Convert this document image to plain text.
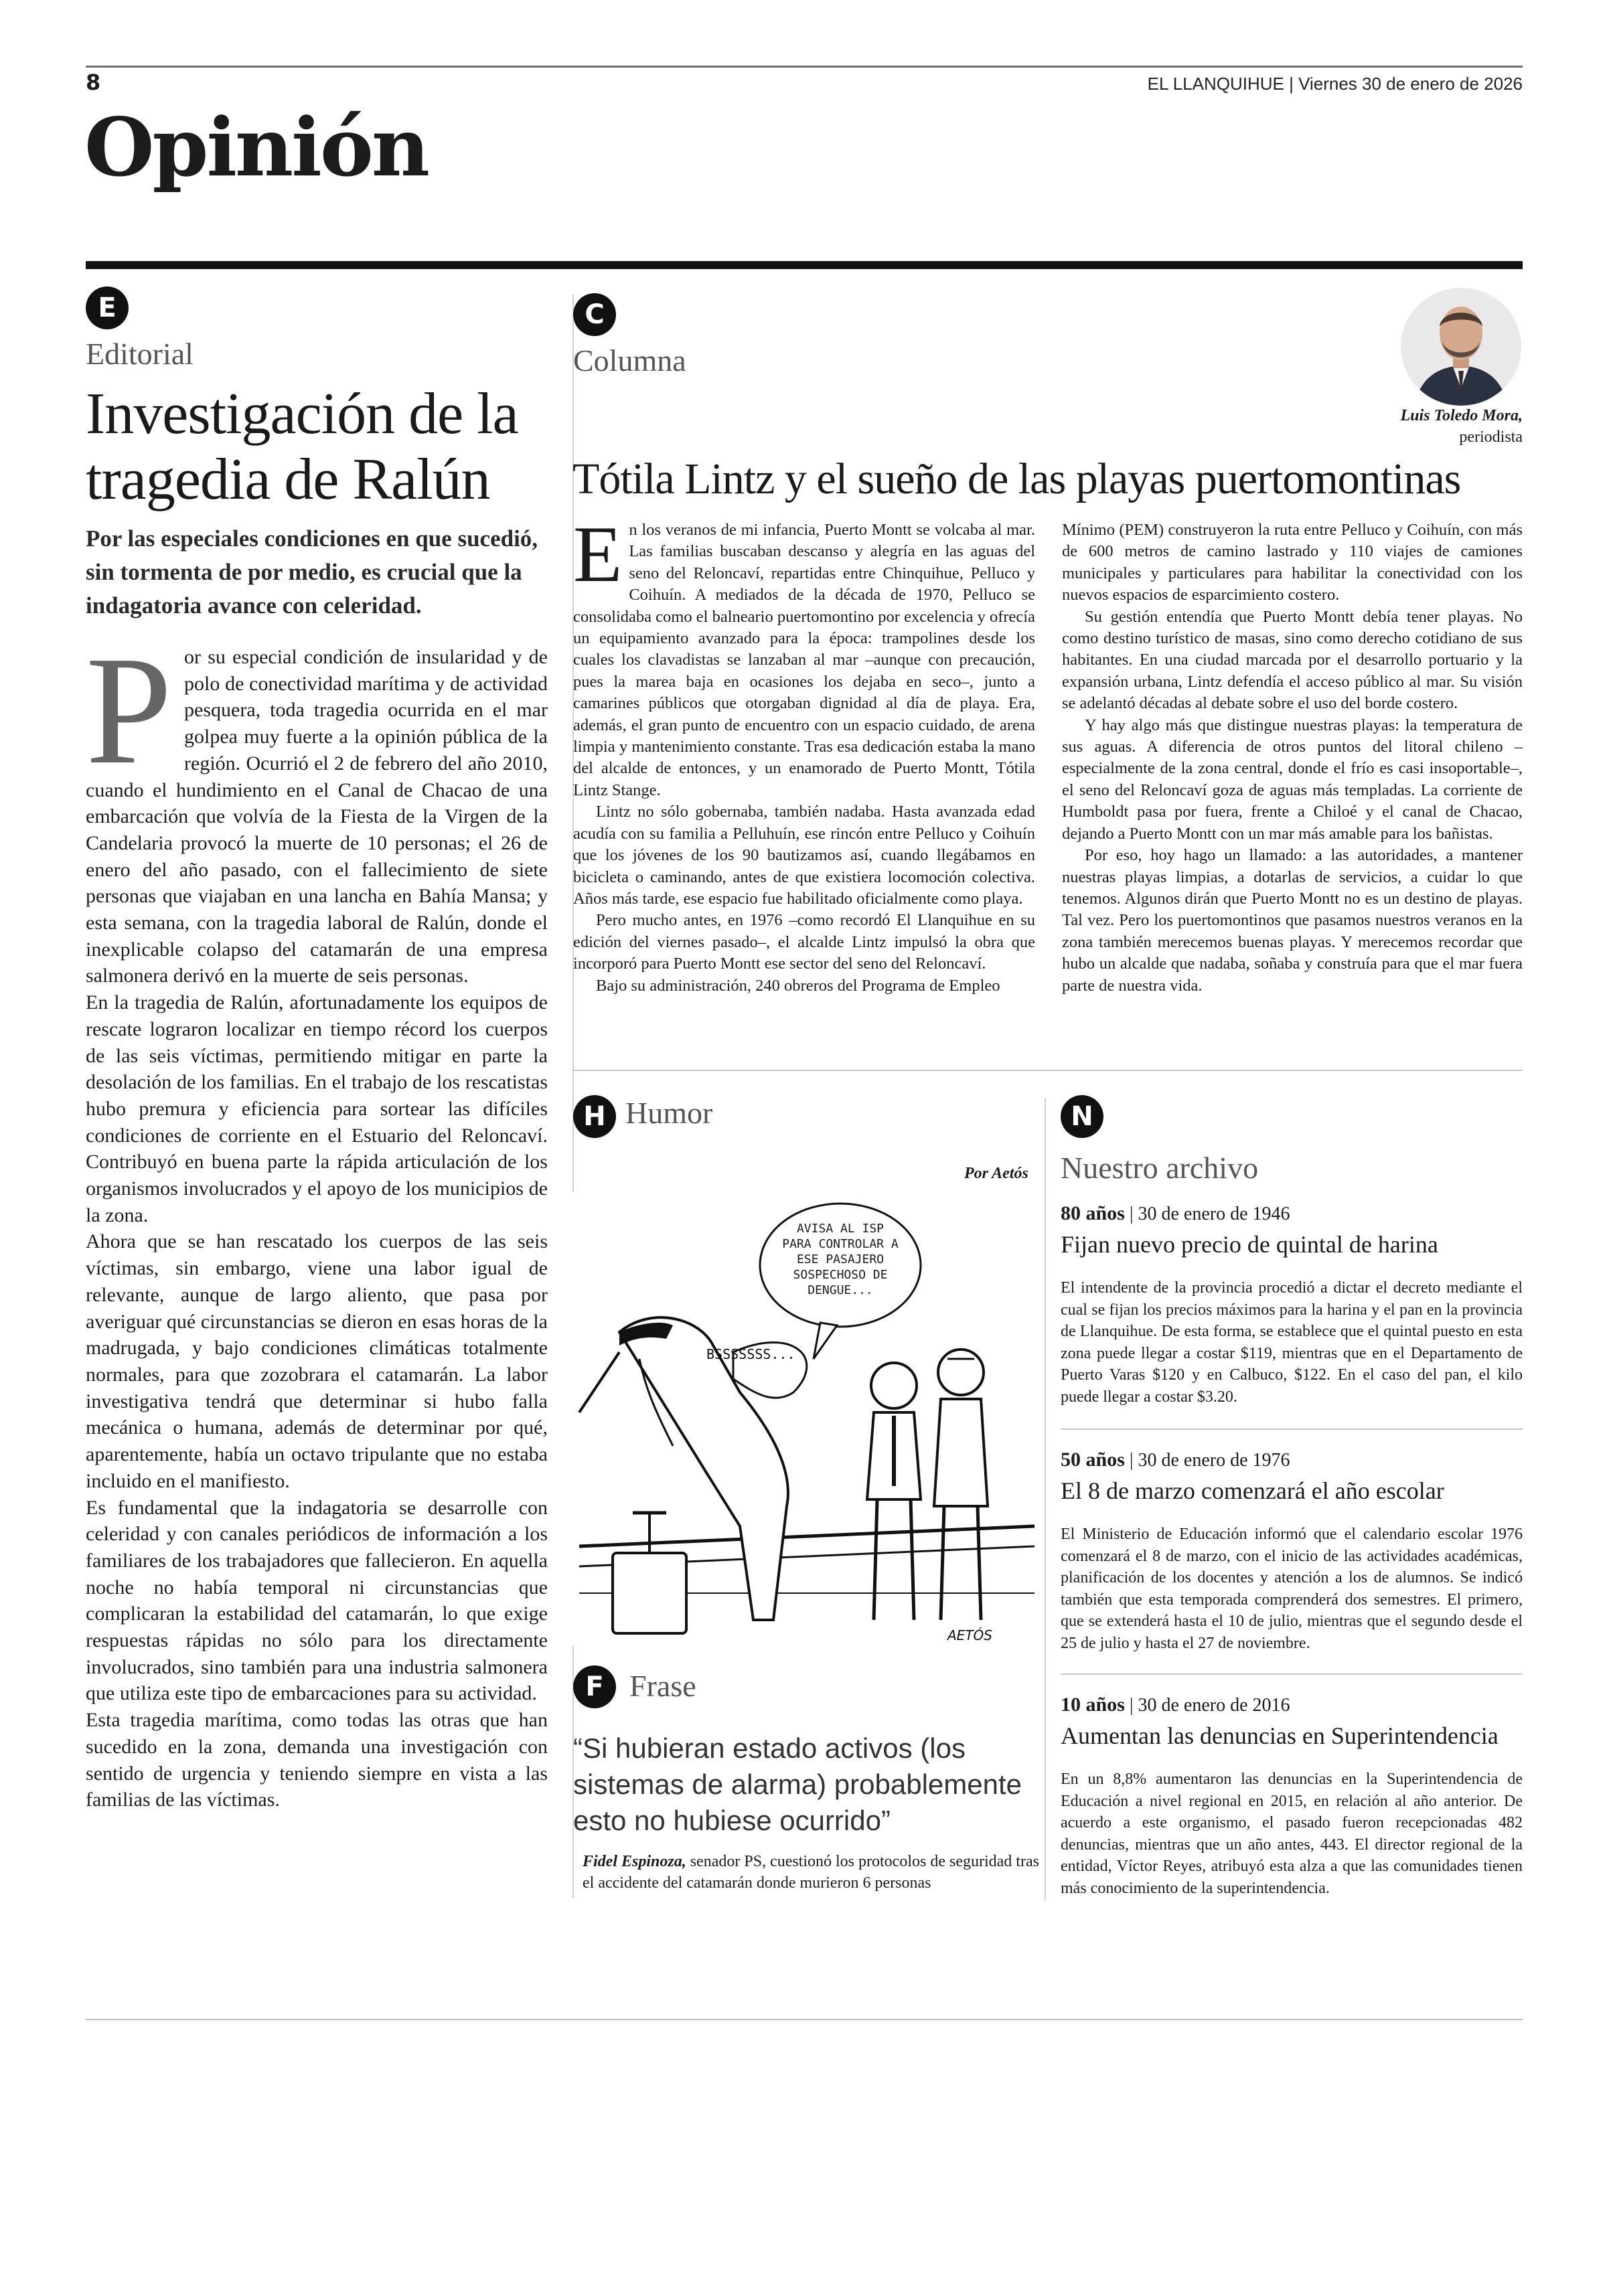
8	EL LLANQUIHUE | Viernes 30 de enero de 2026
Opinión
E
Editorial
Investigación de la tragedia de Ralún
Por las especiales condiciones en que sucedió, sin tormenta de por medio, es crucial que la indagatoria avance con celeridad.

Por su especial condición de insularidad y de polo de conectividad marítima y de actividad pesquera, toda tragedia ocurrida en el mar golpea muy fuerte a la opinión pública de la región. Ocurrió el 2 de febrero del año 2010, cuando el hundimiento en el Canal de Chacao de una embarcación que volvía de la Fiesta de la Virgen de la Candelaria provocó la muerte de 10 personas; el 26 de enero del año pasado, con el fallecimiento de siete personas que viajaban en una lancha en Bahía Mansa; y esta semana, con la tragedia laboral de Ralún, donde el inexplicable colapso del catamarán de una empresa salmonera derivó en la muerte de seis personas.

En la tragedia de Ralún, afortunadamente los equipos de rescate lograron localizar en tiempo récord los cuerpos de las seis víctimas, permitiendo mitigar en parte la desolación de los familias. En el trabajo de los rescatistas hubo premura y eficiencia para sortear las difíciles condiciones de corriente en el Estuario del Reloncaví. Contribuyó en buena parte la rápida articulación de los organismos involucrados y el apoyo de los municipios de la zona.

Ahora que se han rescatado los cuerpos de las seis víctimas, sin embargo, viene una labor igual de relevante, aunque de largo aliento, que pasa por averiguar qué circunstancias se dieron en esas horas de la madrugada, y bajo condiciones climáticas totalmente normales, para que zozobrara el catamarán. La labor investigativa tendrá que determinar si hubo falla mecánica o humana, además de determinar por qué, aparentemente, había un octavo tripulante que no estaba incluido en el manifiesto.

Es fundamental que la indagatoria se desarrolle con celeridad y con canales periódicos de información a los familiares de los trabajadores que fallecieron. En aquella noche no había temporal ni circunstancias que complicaran la estabilidad del catamarán, lo que exige respuestas rápidas no sólo para los directamente involucrados, sino también para una industria salmonera que utiliza este tipo de embarcaciones para su actividad.

Esta tragedia marítima, como todas las otras que han sucedido en la zona, demanda una investigación con sentido de urgencia y teniendo siempre en vista a las familias de las víctimas.

C
Columna
Luis Toledo Mora,
periodista
Tótila Lintz y el sueño de las playas puertomontinas

En los veranos de mi infancia, Puerto Montt se volcaba al mar. Las familias buscaban descanso y alegría en las aguas del seno del Reloncaví, repartidas entre Chinquihue, Pelluco y Coihuín. A mediados de la década de 1970, Pelluco se consolidaba como el balneario puertomontino por excelencia y ofrecía un equipamiento avanzado para la época: trampolines desde los cuales los clavadistas se lanzaban al mar –aunque con precaución, pues la marea baja en ocasiones los dejaba en seco–, junto a camarines públicos que otorgaban dignidad al día de playa. Era, además, el gran punto de encuentro con un espacio cuidado, de arena limpia y mantenimiento constante. Tras esa dedicación estaba la mano del alcalde de entonces, y un enamorado de Puerto Montt, Tótila Lintz Stange.

Lintz no sólo gobernaba, también nadaba. Hasta avanzada edad acudía con su familia a Pelluhuín, ese rincón entre Pelluco y Coihuín que los jóvenes de los 90 bautizamos así, cuando llegábamos en bicicleta o caminando, antes de que existiera locomoción colectiva. Años más tarde, ese espacio fue habilitado oficialmente como playa.

Pero mucho antes, en 1976 –como recordó El Llanquihue en su edición del viernes pasado–, el alcalde Lintz impulsó la obra que incorporó para Puerto Montt ese sector del seno del Reloncaví.

Bajo su administración, 240 obreros del Programa de Empleo

Mínimo (PEM) construyeron la ruta entre Pelluco y Coihuín, con más de 600 metros de camino lastrado y 110 viajes de camiones municipales y particulares para habilitar la conectividad con los nuevos espacios de esparcimiento costero.

Su gestión entendía que Puerto Montt debía tener playas. No como destino turístico de masas, sino como derecho cotidiano de sus habitantes. En una ciudad marcada por el desarrollo portuario y la expansión urbana, Lintz defendía el acceso público al mar. Su visión se adelantó décadas al debate sobre el uso del borde costero.

Y hay algo más que distingue nuestras playas: la temperatura de sus aguas. A diferencia de otros puntos del litoral chileno –especialmente de la zona central, donde el frío es casi insoportable–, el seno del Reloncaví goza de aguas más templadas. La corriente de Humboldt pasa por fuera, frente a Chiloé y el canal de Chacao, dejando a Puerto Montt con un mar más amable para los bañistas.

Por eso, hoy hago un llamado: a las autoridades, a mantener nuestras playas limpias, a dotarlas de servicios, a cuidar lo que tenemos. Algunos dirán que Puerto Montt no es un destino de playas. Tal vez. Pero los puertomontinos que pasamos nuestros veranos en la zona también merecemos buenas playas. Y merecemos recordar que hubo un alcalde que nadaba, soñaba y construía para que el mar fuera parte de nuestra vida.

H Humor
Por Aetós
BSSSSSSS...
AETÓS
AVISA AL ISP PARA CONTROLAR A ESE PASAJERO SOSPECHOSO DE DENGUE...
F Frase
“Si hubieran estado activos (los sistemas de alarma) probablemente esto no hubiese ocurrido”
Fidel Espinoza, senador PS, cuestionó los protocolos de seguridad tras el accidente del catamarán donde murieron 6 personas
N
Nuestro archivo
80 años | 30 de enero de 1946
Fijan nuevo precio de quintal de harina
El intendente de la provincia procedió a dictar el decreto mediante el cual se fijan los precios máximos para la harina y el pan en la provincia de Llanquihue. De esta forma, se establece que el quintal puesto en esta zona puede llegar a costar $119, mientras que en el Departamento de Puerto Varas $120 y en Calbuco, $122. En el caso del pan, el kilo puede llegar a costar $3.20.
50 años | 30 de enero de 1976
El 8 de marzo comenzará el año escolar
El Ministerio de Educación informó que el calendario escolar 1976 comenzará el 8 de marzo, con el inicio de las actividades académicas, planificación de los docentes y atención a los de alumnos. Se indicó también que esta temporada comprenderá dos semestres. El primero, que se extenderá hasta el 10 de julio, mientras que el segundo desde el 25 de julio y hasta el 27 de noviembre.
10 años | 30 de enero de 2016
Aumentan las denuncias en Superintendencia
En un 8,8% aumentaron las denuncias en la Superintendencia de Educación a nivel regional en 2015, en relación al año anterior. De acuerdo a este organismo, el pasado fueron recepcionadas 482 denuncias, mientras que un año antes, 443. El director regional de la entidad, Víctor Reyes, atribuyó esta alza a que las comunidades tienen más conocimiento de la superintendencia.
